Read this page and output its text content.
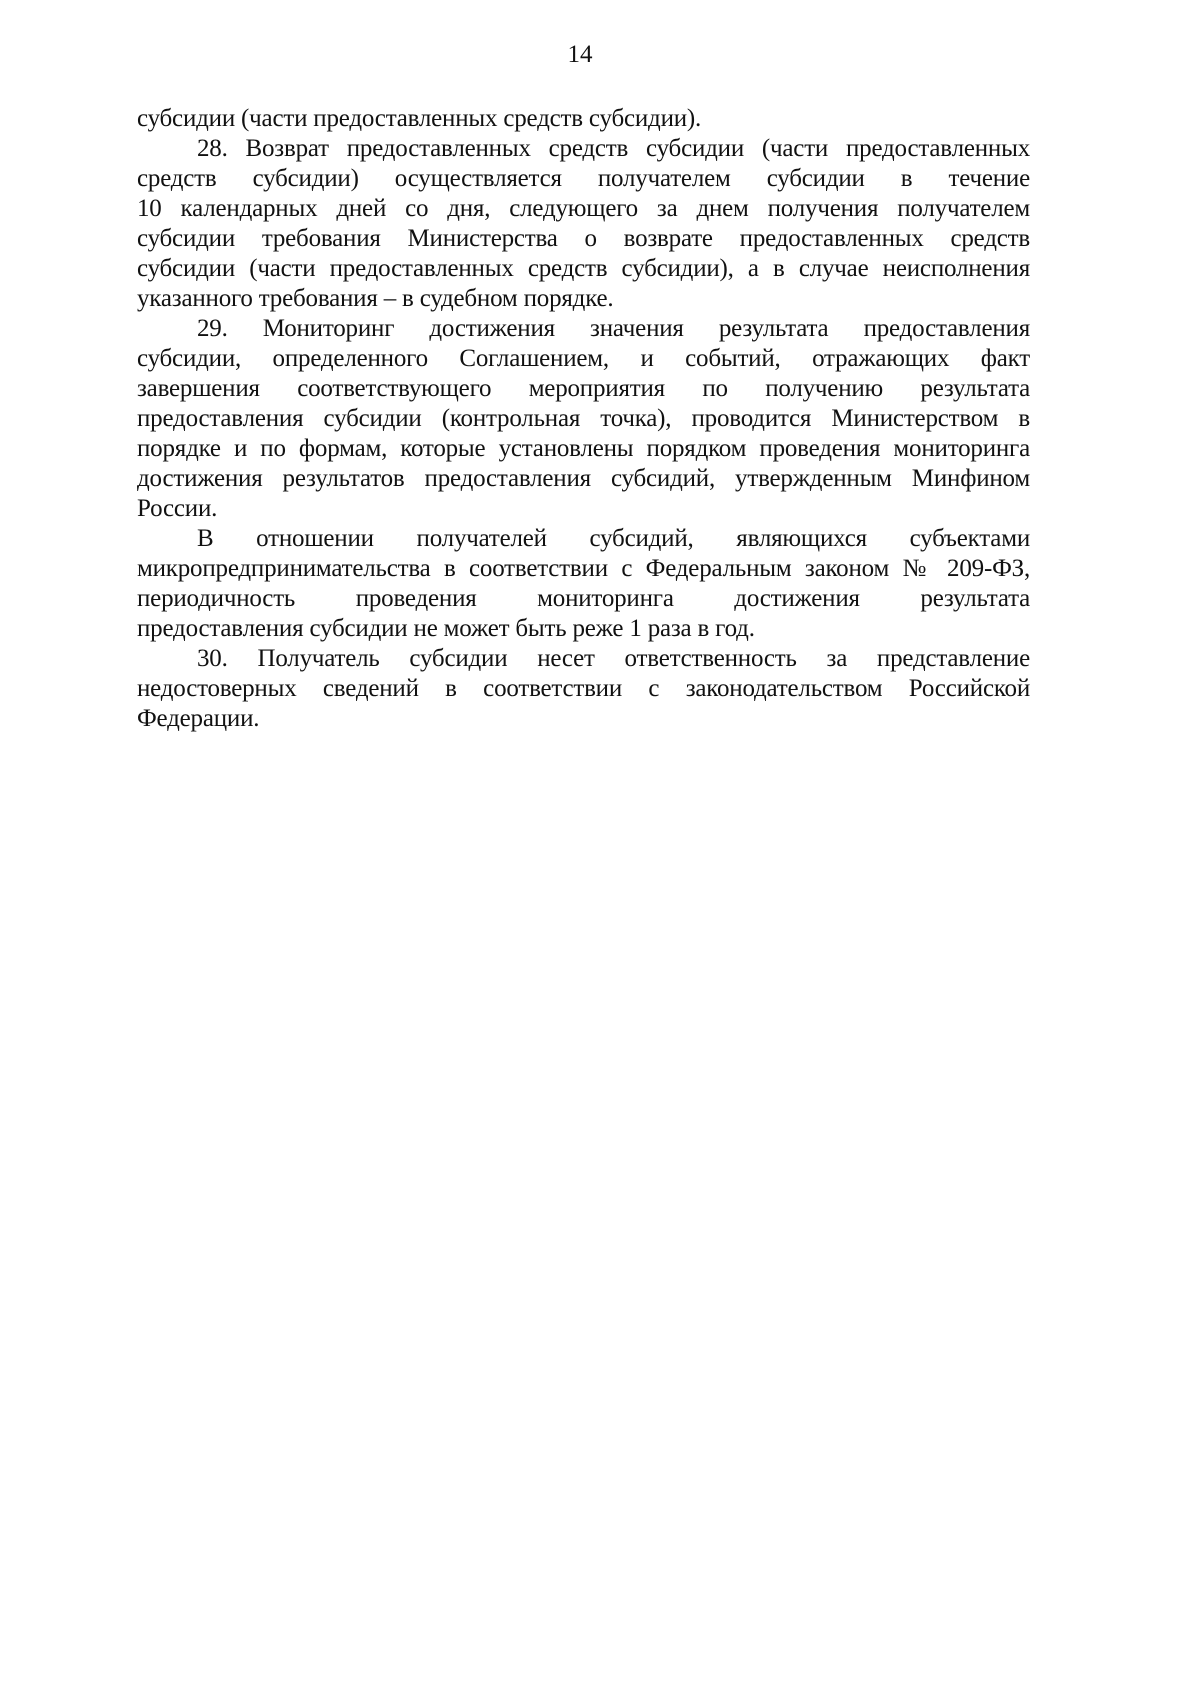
14
субсидии (части предоставленных средств субсидии).
28. Возврат предоставленных средств субсидии (части предоставленных
средств субсидии) осуществляется получателем субсидии в течение
10 календарных дней со дня, следующего за днем получения получателем
субсидии требования Министерства о возврате предоставленных средств
субсидии (части предоставленных средств субсидии), а в случае неисполнения
указанного требования – в судебном порядке.
29. Мониторинг достижения значения результата предоставления
субсидии, определенного Соглашением, и событий, отражающих факт
завершения соответствующего мероприятия по получению результата
предоставления субсидии (контрольная точка), проводится Министерством в
порядке и по формам, которые установлены порядком проведения мониторинга
достижения результатов предоставления субсидий, утвержденным Минфином
России.
В отношении получателей субсидий, являющихся субъектами
микропредпринимательства в соответствии с Федеральным законом № 209-ФЗ,
периодичность проведения мониторинга достижения результата
предоставления субсидии не может быть реже 1 раза в год.
30. Получатель субсидии несет ответственность за представление
недостоверных сведений в соответствии с законодательством Российской
Федерации.
